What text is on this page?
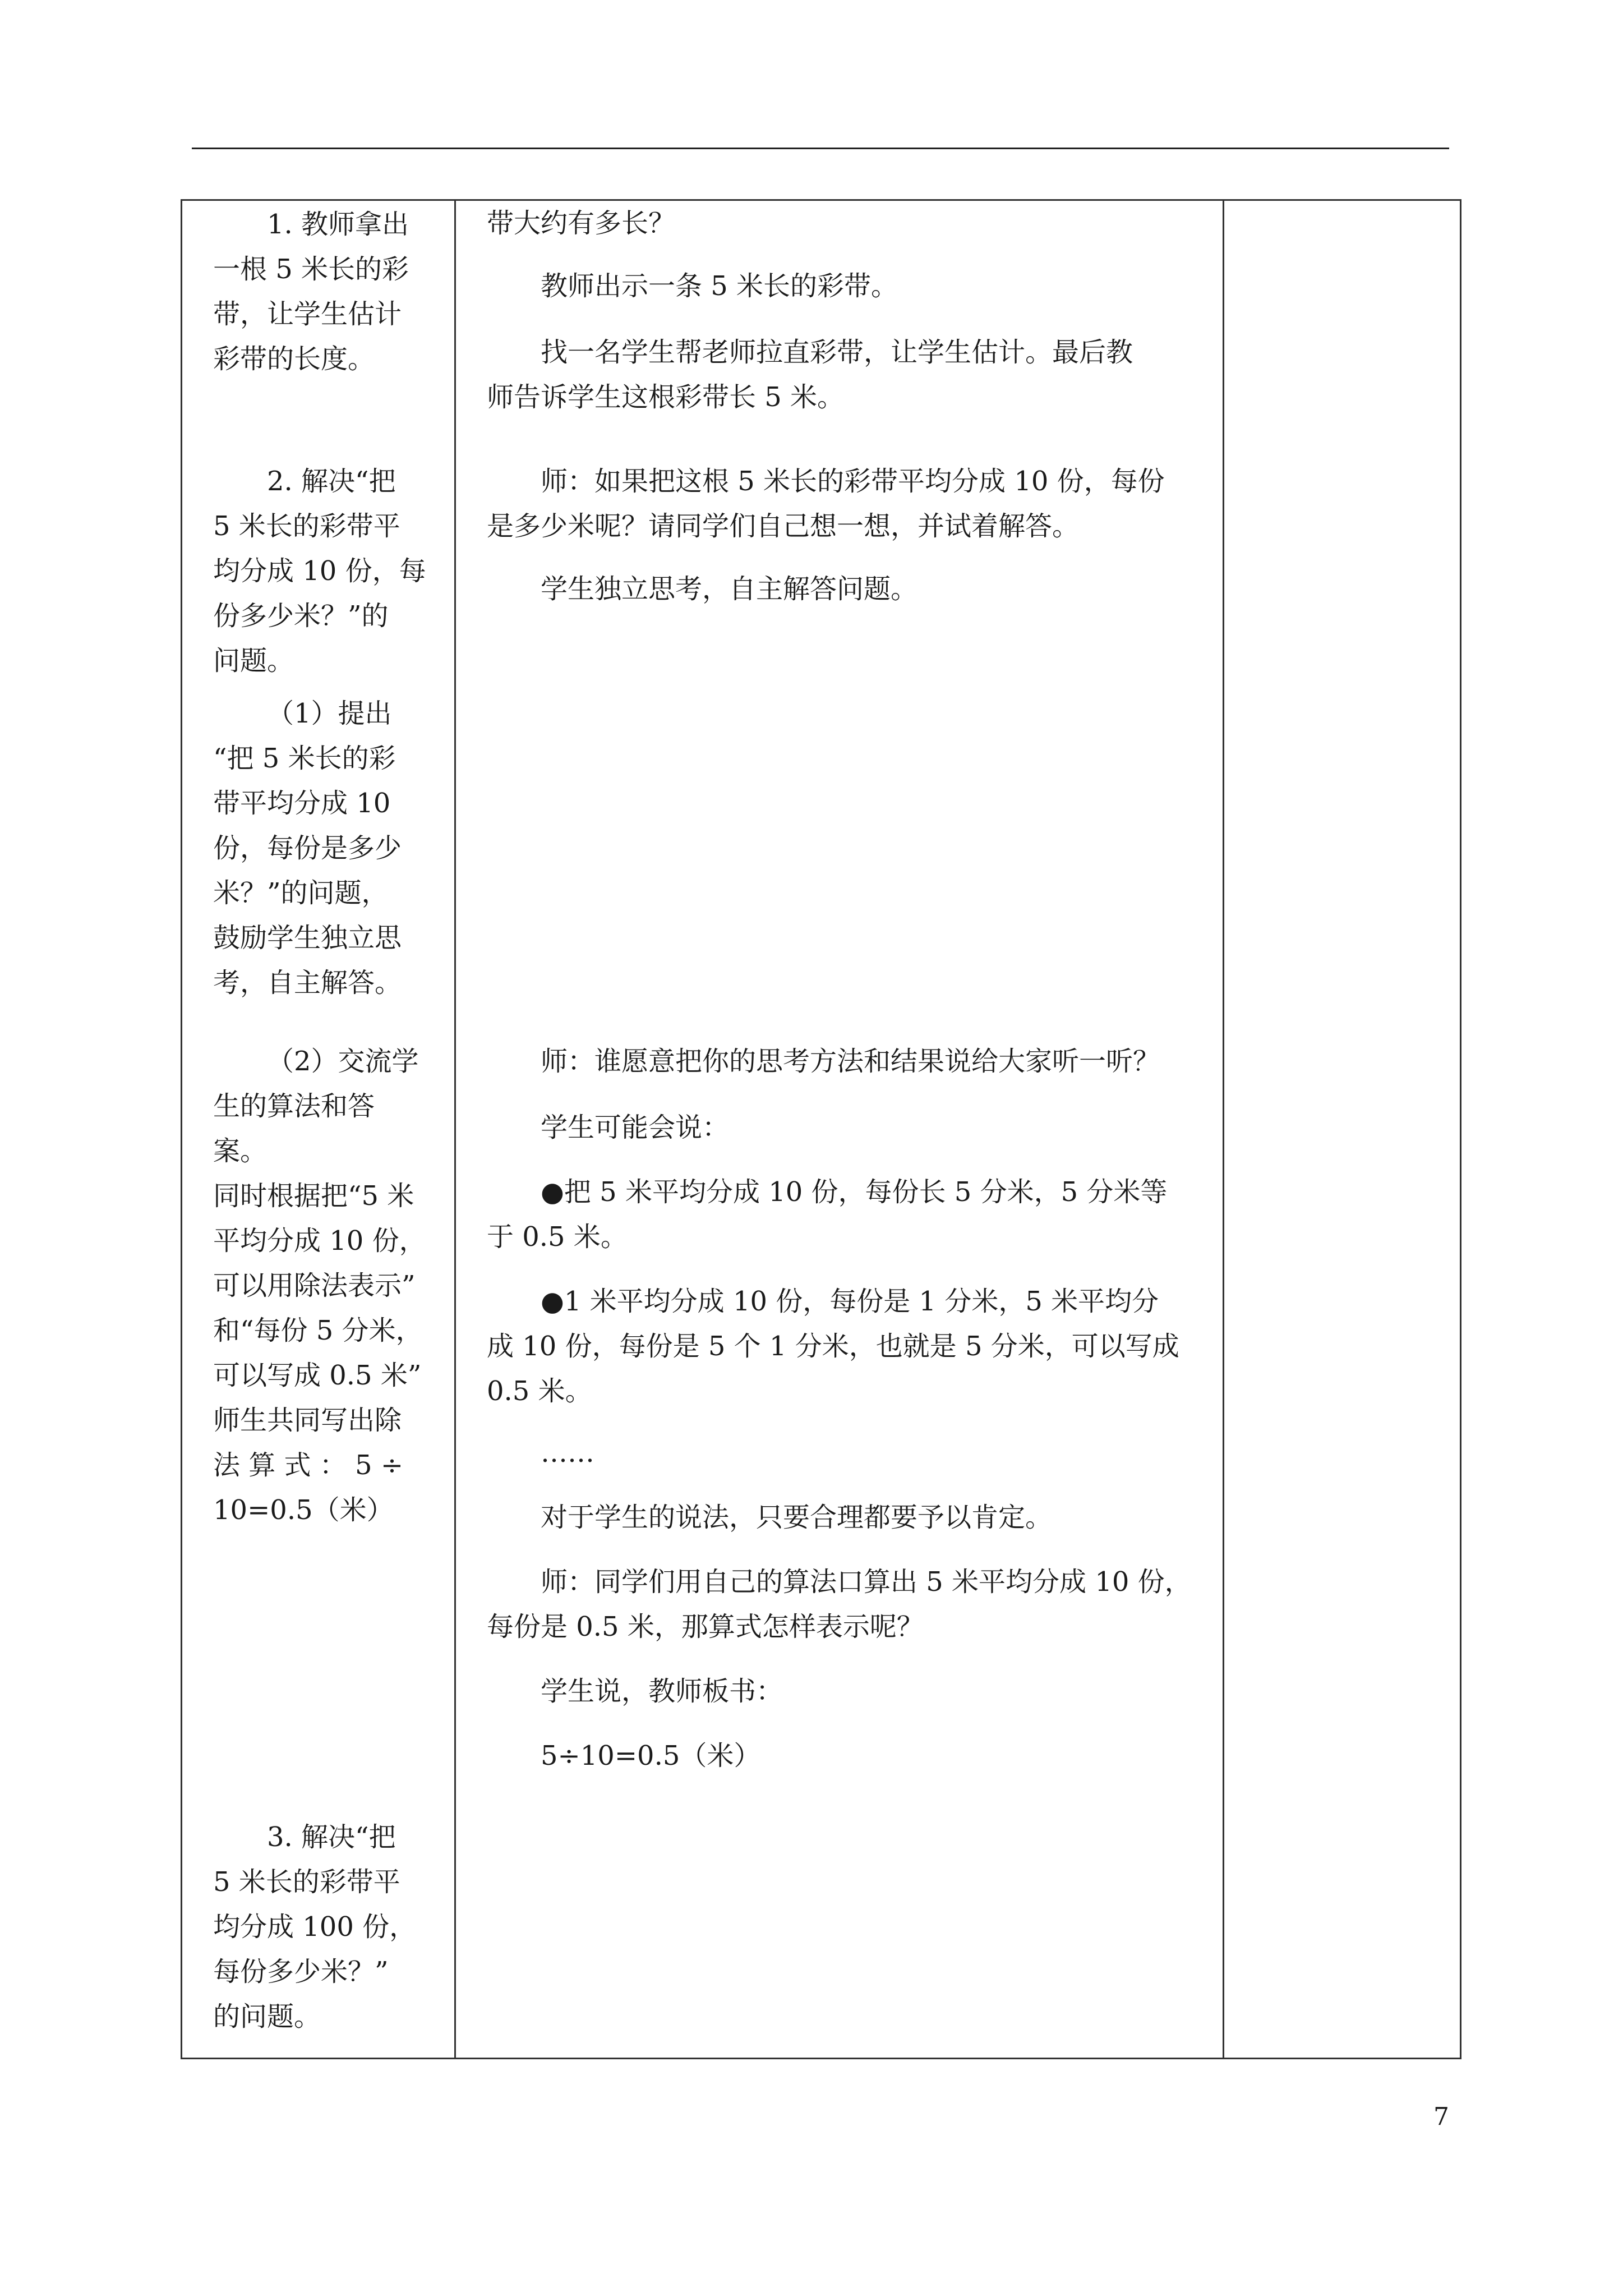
1. 教师拿出
一根 5 米长的彩
带，让学生估计
彩带的长度。
2. 解决“把
5 米长的彩带平
均分成 10 份，每
份多少米？”的
问题。
（1）提出
“把 5 米长的彩
带平均分成 10
份，每份是多少
米？”的问题，
鼓励学生独立思
考，自主解答。
（2）交流学
生的算法和答案。
同时根据把“5 米
平均分成 10 份，
可以用除法表示”
和“每份 5 分米，
可以写成 0.5 米”
师生共同写出除
法 算 式 ： 5 ÷
10=0.5（米）
3. 解决“把
5 米长的彩带平
均分成 100 份，
每份多少米？”
的问题。
带大约有多长？
教师出示一条 5 米长的彩带。
找一名学生帮老师拉直彩带，让学生估计。最后教
师告诉学生这根彩带长 5 米。
师：如果把这根 5 米长的彩带平均分成 10 份，每份
是多少米呢？请同学们自己想一想，并试着解答。
学生独立思考，自主解答问题。
师：谁愿意把你的思考方法和结果说给大家听一听？
学生可能会说：
●把 5 米平均分成 10 份，每份长 5 分米，5 分米等
于 0.5 米。
●1 米平均分成 10 份，每份是 1 分米，5 米平均分
成 10 份，每份是 5 个 1 分米，也就是 5 分米，可以写成
0.5 米。
……
对于学生的说法，只要合理都要予以肯定。
师：同学们用自己的算法口算出 5 米平均分成 10 份，
每份是 0.5 米，那算式怎样表示呢？
学生说，教师板书：
5÷10=0.5（米）
7
